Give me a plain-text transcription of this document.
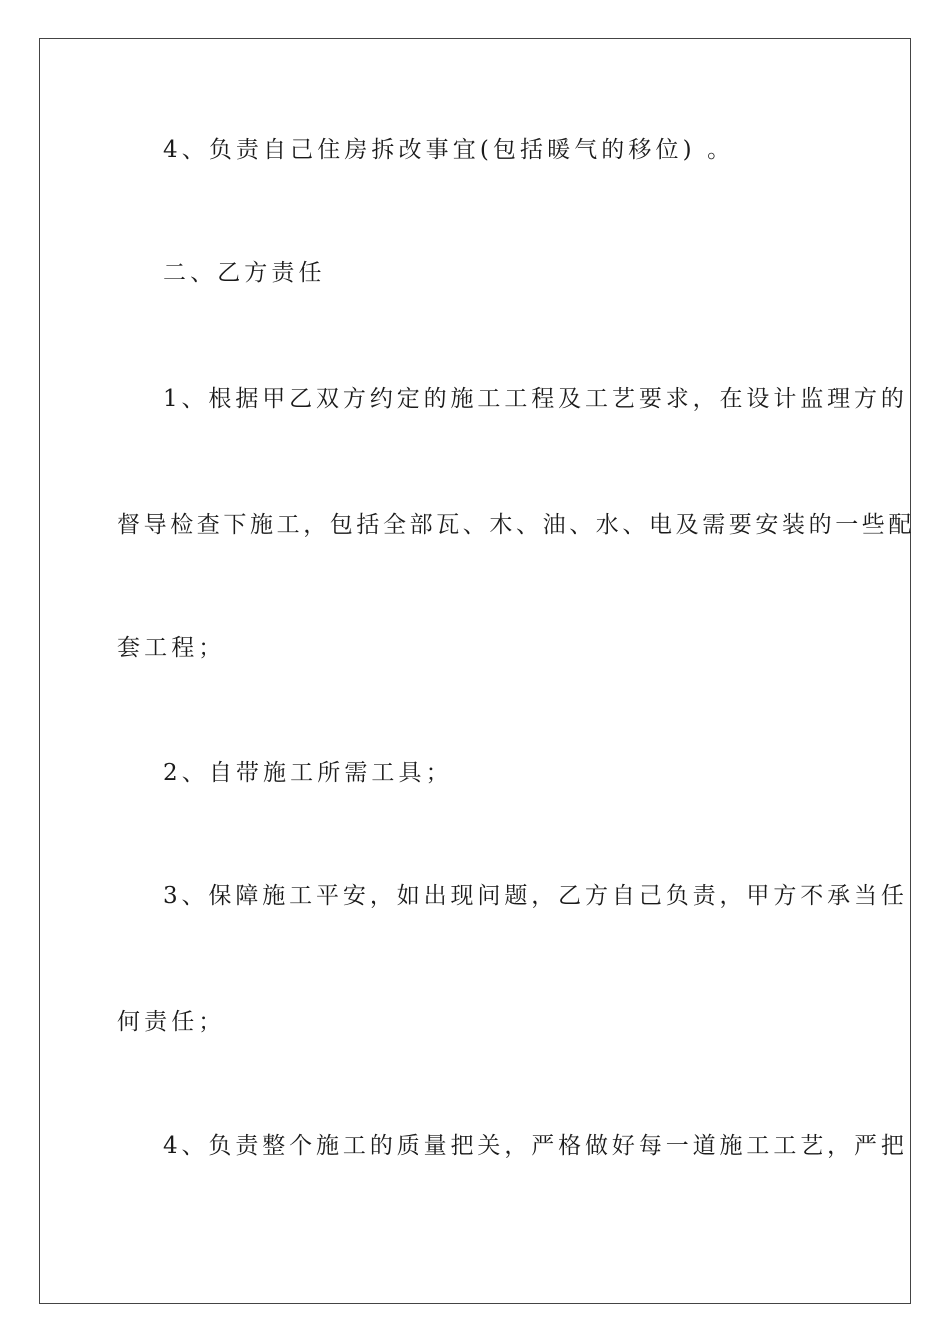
4、负责自己住房拆改事宜(包括暖气的移位) 。
二、乙方责任
1、根据甲乙双方约定的施工工程及工艺要求，在设计监理方的
督导检查下施工，包括全部瓦、木、油、水、电及需要安装的一些配
套工程；
2、自带施工所需工具；
3、保障施工平安，如出现问题，乙方自己负责，甲方不承当任
何责任；
4、负责整个施工的质量把关，严格做好每一道施工工艺，严把
